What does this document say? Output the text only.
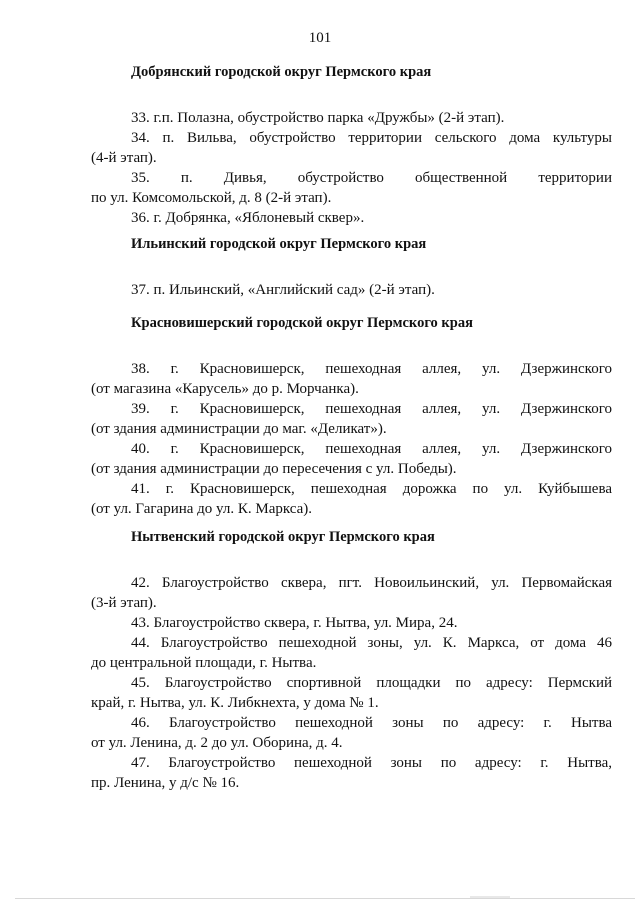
101
Добрянский городской округ Пермского края
33. г.п. Полазна, обустройство парка «Дружбы» (2-й этап).
34. п. Вильва, обустройство территории сельского дома культуры
(4-й этап).
35. п. Дивья, обустройство общественной территории
по ул. Комсомольской, д. 8 (2-й этап).
36. г. Добрянка, «Яблоневый сквер».
Ильинский городской округ Пермского края
37. п. Ильинский, «Английский сад» (2-й этап).
Красновишерский городской округ Пермского края
38. г. Красновишерск, пешеходная аллея, ул. Дзержинского
(от магазина «Карусель» до р. Морчанка).
39. г. Красновишерск, пешеходная аллея, ул. Дзержинского
(от здания администрации до маг. «Деликат»).
40. г. Красновишерск, пешеходная аллея, ул. Дзержинского
(от здания администрации до пересечения с ул. Победы).
41. г. Красновишерск, пешеходная дорожка по ул. Куйбышева
(от ул. Гагарина до ул. К. Маркса).
Нытвенский городской округ Пермского края
42. Благоустройство сквера, пгт. Новоильинский, ул. Первомайская
(3-й этап).
43. Благоустройство сквера, г. Нытва, ул. Мира, 24.
44. Благоустройство пешеходной зоны, ул. К. Маркса, от дома 46
до центральной площади, г. Нытва.
45. Благоустройство спортивной площадки по адресу: Пермский
край, г. Нытва, ул. К. Либкнехта, у дома № 1.
46. Благоустройство пешеходной зоны по адресу: г. Нытва
от ул. Ленина, д. 2 до ул. Оборина, д. 4.
47. Благоустройство пешеходной зоны по адресу: г. Нытва,
пр. Ленина, у д/с № 16.
